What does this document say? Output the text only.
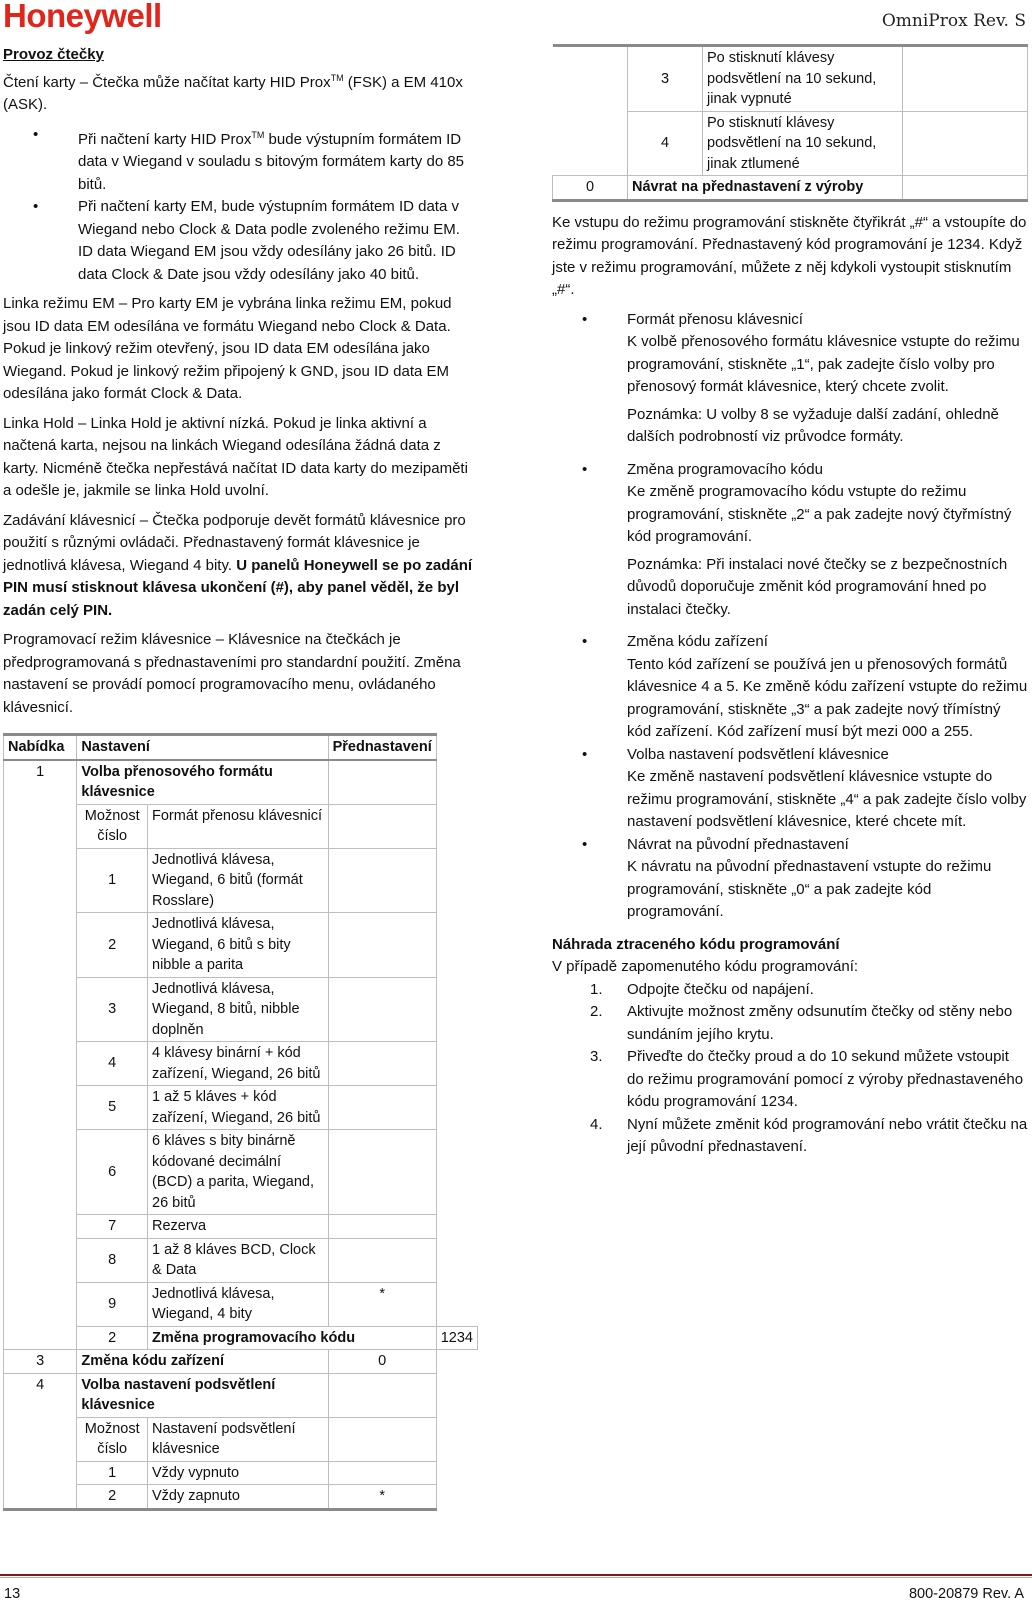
Honeywell	OmniProx Rev. S
Provoz čtečky

Čtení karty – Čtečka může načítat karty HID Prox™ (FSK) a EM 410x (ASK).

•	Při načtení karty HID Prox™ bude výstupním formátem ID data v Wiegand v souladu s bitovým formátem karty do 85 bitů.
•	Při načtení karty EM, bude výstupním formátem ID data v Wiegand nebo Clock & Data podle zvoleného režimu EM. ID data Wiegand EM jsou vždy odesílány jako 26 bitů. ID data Clock & Date jsou vždy odesílány jako 40 bitů.

Linka režimu EM – Pro karty EM je vybrána linka režimu EM, pokud jsou ID data EM odesílána ve formátu Wiegand nebo Clock & Data. Pokud je linkový režim otevřený, jsou ID data EM odesílána jako Wiegand. Pokud je linkový režim připojený k GND, jsou ID data EM odesílána jako formát Clock & Data.

Linka Hold – Linka Hold je aktivní nízká. Pokud je linka aktivní a načtená karta, nejsou na linkách Wiegand odesílána žádná data z karty. Nicméně čtečka nepřestává načítat ID data karty do mezipaměti a odešle je, jakmile se linka Hold uvolní.

Zadávání klávesnicí – Čtečka podporuje devět formátů klávesnice pro použití s různými ovládači. Přednastavený formát klávesnice je jednotlivá klávesa, Wiegand 4 bity. U panelů Honeywell se po zadání PIN musí stisknout klávesa ukončení (#), aby panel věděl, že byl zadán celý PIN.

Programovací režim klávesnice – Klávesnice na čtečkách je předprogramovaná s přednastaveními pro standardní použití. Změna nastavení se provádí pomocí programovacího menu, ovládaného klávesnicí.

Nabídka	Nastavení		Přednastavení	
1	Volba přenosového formátu klávesnice			
	Možnost číslo	Formát přenosu klávesnicí		
	1	Jednotlivá klávesa, Wiegand, 6 bitů (formát Rosslare)		
	2	Jednotlivá klávesa, Wiegand, 6 bitů s bity nibble a parita		
	3	Jednotlivá klávesa, Wiegand, 8 bitů, nibble doplněn		
	4	4 klávesy binární + kód zařízení, Wiegand, 26 bitů		
	5	1 až 5 kláves + kód zařízení, Wiegand, 26 bitů		
	6	6 kláves s bity binárně kódované decimální (BCD) a parita, Wiegand, 26 bitů		
	7	Rezerva		
	8	1 až 8 kláves BCD, Clock & Data		
	9	Jednotlivá klávesa, Wiegand, 4 bity	*	
	2	Změna programovacího kódu		1234
3	Změna kódu zařízení		0	
4	Volba nastavení podsvětlení klávesnice			
	Možnost číslo	Nastavení podsvětlení klávesnice		
	1	Vždy vypnuto		
	2	Vždy zapnuto	*	
	3	Po stisknutí klávesy podsvětlení na 10 sekund, jinak vypnuté	
	4	Po stisknutí klávesy podsvětlení na 10 sekund, jinak ztlumené	
0	Návrat na přednastavení z výroby		

Ke vstupu do režimu programování stiskněte čtyřikrát „#“ a vstoupíte do režimu programování. Přednastavený kód programování je 1234. Když jste v režimu programování, můžete z něj kdykoli vystoupit stisknutím „#“.

•	Formát přenosu klávesnicí
K volbě přenosového formátu klávesnice vstupte do režimu programování, stiskněte „1“, pak zadejte číslo volby pro přenosový formát klávesnice, který chcete zvolit.
Poznámka: U volby 8 se vyžaduje další zadání, ohledně dalších podrobností viz průvodce formáty.
•	Změna programovacího kódu
Ke změně programovacího kódu vstupte do režimu programování, stiskněte „2“ a pak zadejte nový čtyřmístný kód programování.
Poznámka: Při instalaci nové čtečky se z bezpečnostních důvodů doporučuje změnit kód programování hned po instalaci čtečky.
•	Změna kódu zařízení
Tento kód zařízení se používá jen u přenosových formátů klávesnice 4 a 5. Ke změně kódu zařízení vstupte do režimu programování, stiskněte „3“ a pak zadejte nový třímístný kód zařízení. Kód zařízení musí být mezi 000 a 255.
•	Volba nastavení podsvětlení klávesnice
Ke změně nastavení podsvětlení klávesnice vstupte do režimu programování, stiskněte „4“ a pak zadejte číslo volby nastavení podsvětlení klávesnice, které chcete mít.
•	Návrat na původní přednastavení
K návratu na původní přednastavení vstupte do režimu programování, stiskněte „0“ a pak zadejte kód programování.
Náhrada ztraceného kódu programování
V případě zapomenutého kódu programování:
1. Odpojte čtečku od napájení.
2. Aktivujte možnost změny odsunutím čtečky od stěny nebo sundáním jejího krytu.
3. Přiveďte do čtečky proud a do 10 sekund můžete vstoupit do režimu programování pomocí z výroby přednastaveného kódu programování 1234.
4. Nyní můžete změnit kód programování nebo vrátit čtečku na její původní přednastavení.
13	800-20879 Rev. A
